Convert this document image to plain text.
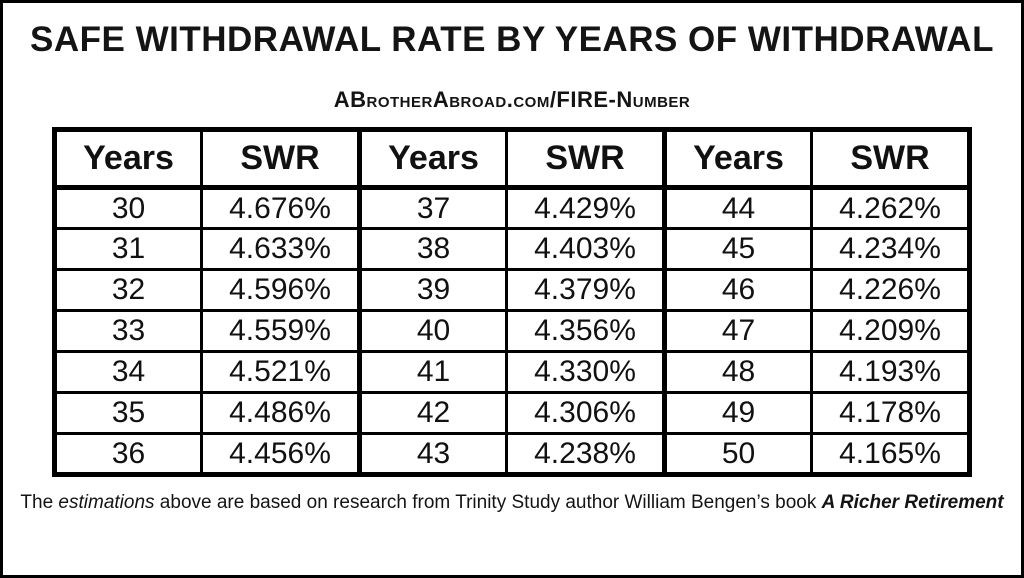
SAFE WITHDRAWAL RATE BY YEARS OF WITHDRAWAL
ABrotherAbroad.com/FIRE-Number
Years	SWR	Years	SWR	Years	SWR
30	4.676%	37	4.429%	44	4.262%
31	4.633%	38	4.403%	45	4.234%
32	4.596%	39	4.379%	46	4.226%
33	4.559%	40	4.356%	47	4.209%
34	4.521%	41	4.330%	48	4.193%
35	4.486%	42	4.306%	49	4.178%
36	4.456%	43	4.238%	50	4.165%
The estimations above are based on research from Trinity Study author William Bengen’s book A Richer Retirement
